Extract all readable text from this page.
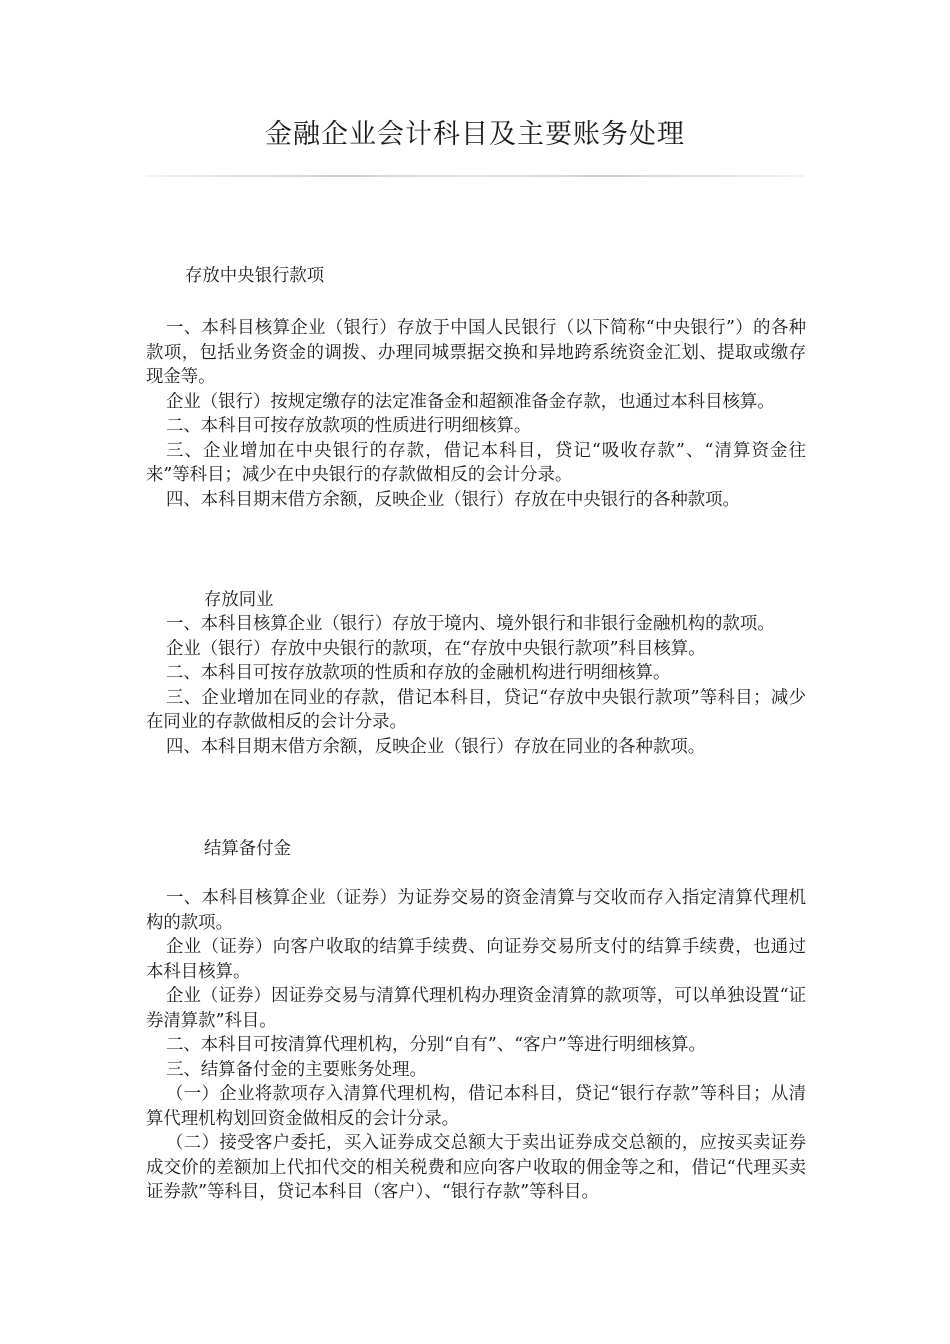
金融企业会计科目及主要账务处理
存放中央银行款项

一、本科目核算企业（银行）存放于中国人民银行（以下简称“中央银行”）的各种款项，包括业务资金的调拨、办理同城票据交换和异地跨系统资金汇划、提取或缴存现金等。

企业（银行）按规定缴存的法定准备金和超额准备金存款，也通过本科目核算。

二、本科目可按存放款项的性质进行明细核算。

三、企业增加在中央银行的存款，借记本科目，贷记“吸收存款”、“清算资金往来”等科目；减少在中央银行的存款做相反的会计分录。

四、本科目期末借方余额，反映企业（银行）存放在中央银行的各种款项。

存放同业

一、本科目核算企业（银行）存放于境内、境外银行和非银行金融机构的款项。

企业（银行）存放中央银行的款项，在“存放中央银行款项”科目核算。

二、本科目可按存放款项的性质和存放的金融机构进行明细核算。

三、企业增加在同业的存款，借记本科目，贷记“存放中央银行款项”等科目；减少在同业的存款做相反的会计分录。

四、本科目期末借方余额，反映企业（银行）存放在同业的各种款项。

结算备付金

一、本科目核算企业（证券）为证券交易的资金清算与交收而存入指定清算代理机构的款项。

企业（证券）向客户收取的结算手续费、向证券交易所支付的结算手续费，也通过本科目核算。

企业（证券）因证券交易与清算代理机构办理资金清算的款项等，可以单独设置“证券清算款”科目。

二、本科目可按清算代理机构，分别“自有”、“客户”等进行明细核算。

三、结算备付金的主要账务处理。

（一）企业将款项存入清算代理机构，借记本科目，贷记“银行存款”等科目；从清算代理机构划回资金做相反的会计分录。

（二）接受客户委托，买入证券成交总额大于卖出证券成交总额的，应按买卖证券成交价的差额加上代扣代交的相关税费和应向客户收取的佣金等之和，借记“代理买卖证券款”等科目，贷记本科目（客户）、“银行存款”等科目。
